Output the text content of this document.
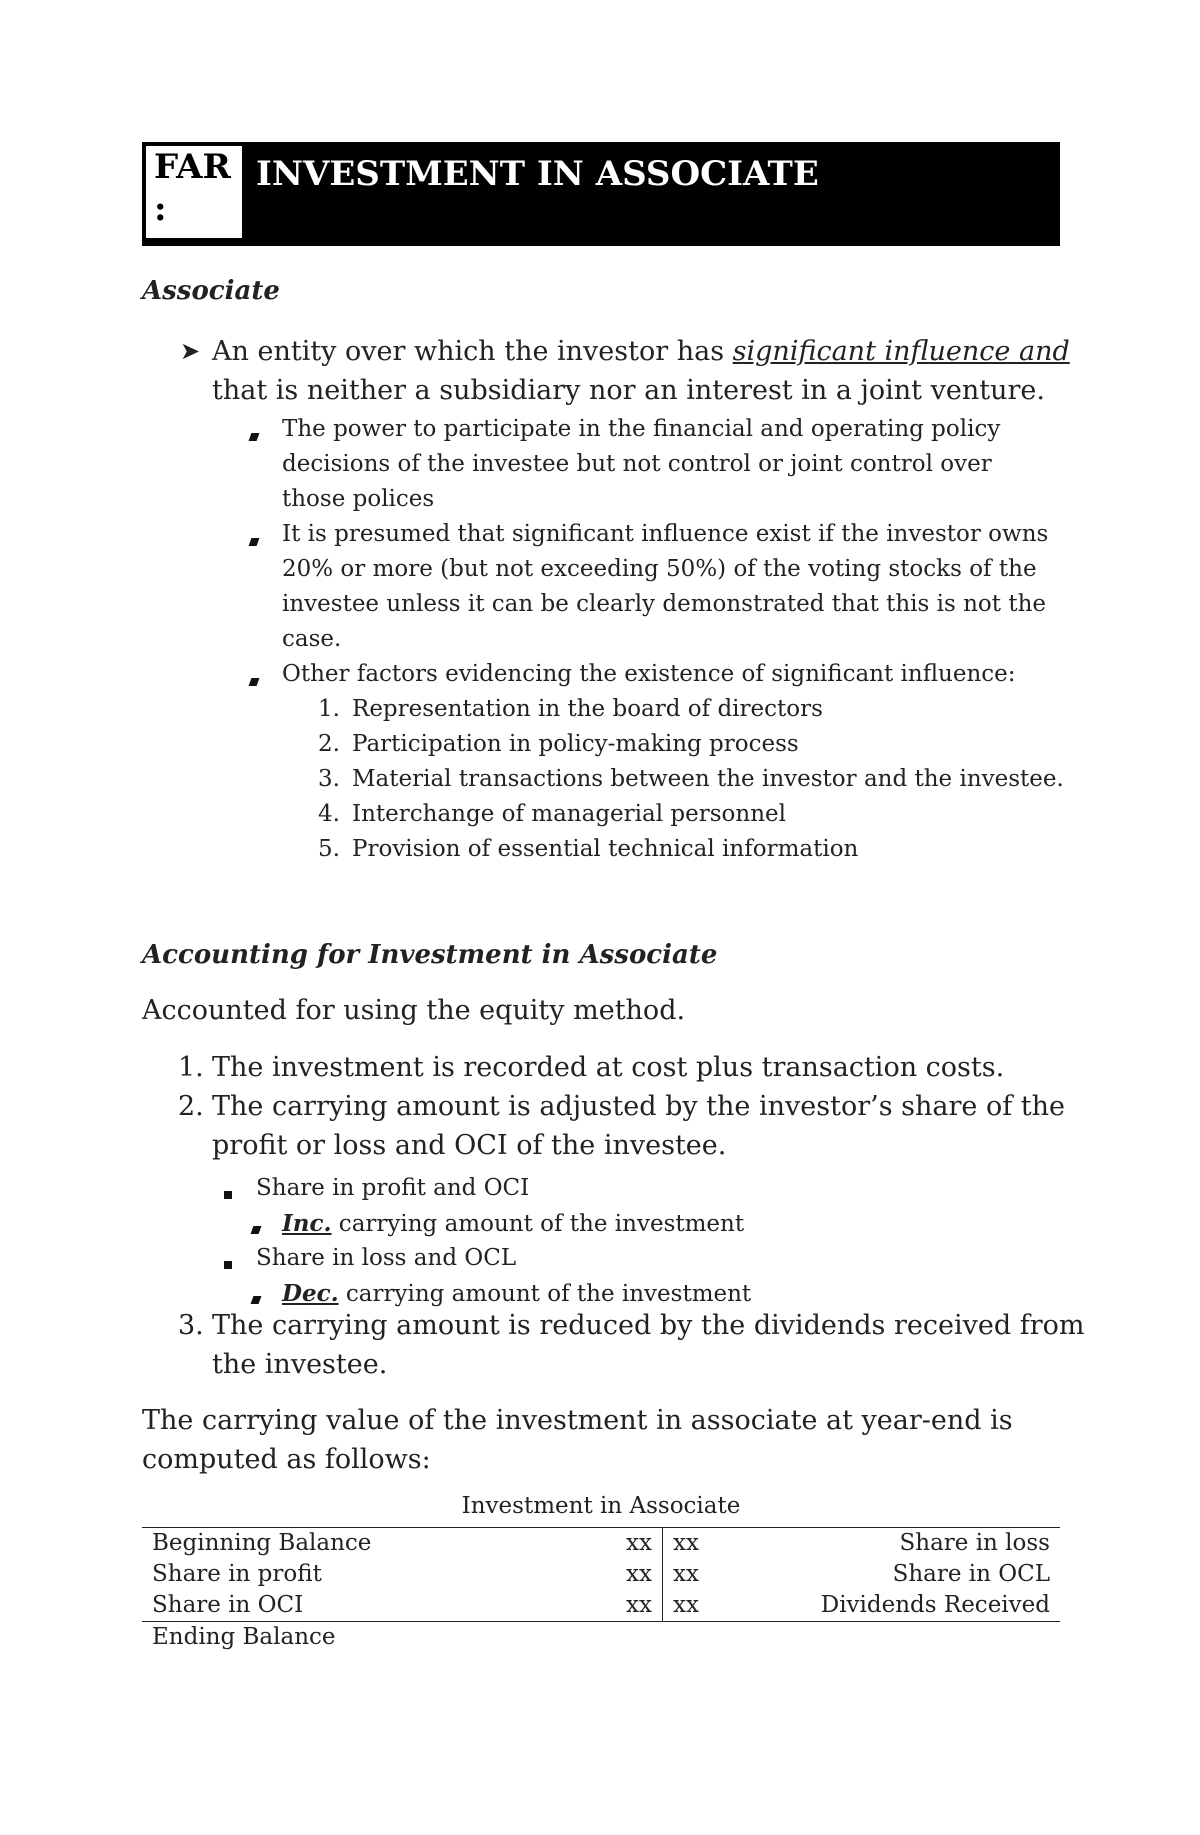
FAR :
INVESTMENT IN ASSOCIATE
Associate
➤ An entity over which the investor has significant influence and
that is neither a subsidiary nor an interest in a joint venture.
The power to participate in the financial and operating policy
decisions of the investee but not control or joint control over
those polices
It is presumed that significant influence exist if the investor owns
20% or more (but not exceeding 50%) of the voting stocks of the
investee unless it can be clearly demonstrated that this is not the
case.
Other factors evidencing the existence of significant influence:
1. Representation in the board of directors
2. Participation in policy-making process
3. Material transactions between the investor and the investee.
4. Interchange of managerial personnel
5. Provision of essential technical information
Accounting for Investment in Associate
Accounted for using the equity method.
1. The investment is recorded at cost plus transaction costs.
2. The carrying amount is adjusted by the investor’s share of the
profit or loss and OCI of the investee.
Share in profit and OCI
Inc. carrying amount of the investment
Share in loss and OCL
Dec. carrying amount of the investment
3. The carrying amount is reduced by the dividends received from
the investee.
The carrying value of the investment in associate at year-end is
computed as follows:
Investment in Associate
Beginning Balance	xx	xx	Share in loss
Share in profit	xx	xx	Share in OCL
Share in OCI	xx	xx	Dividends Received
Ending Balance			
